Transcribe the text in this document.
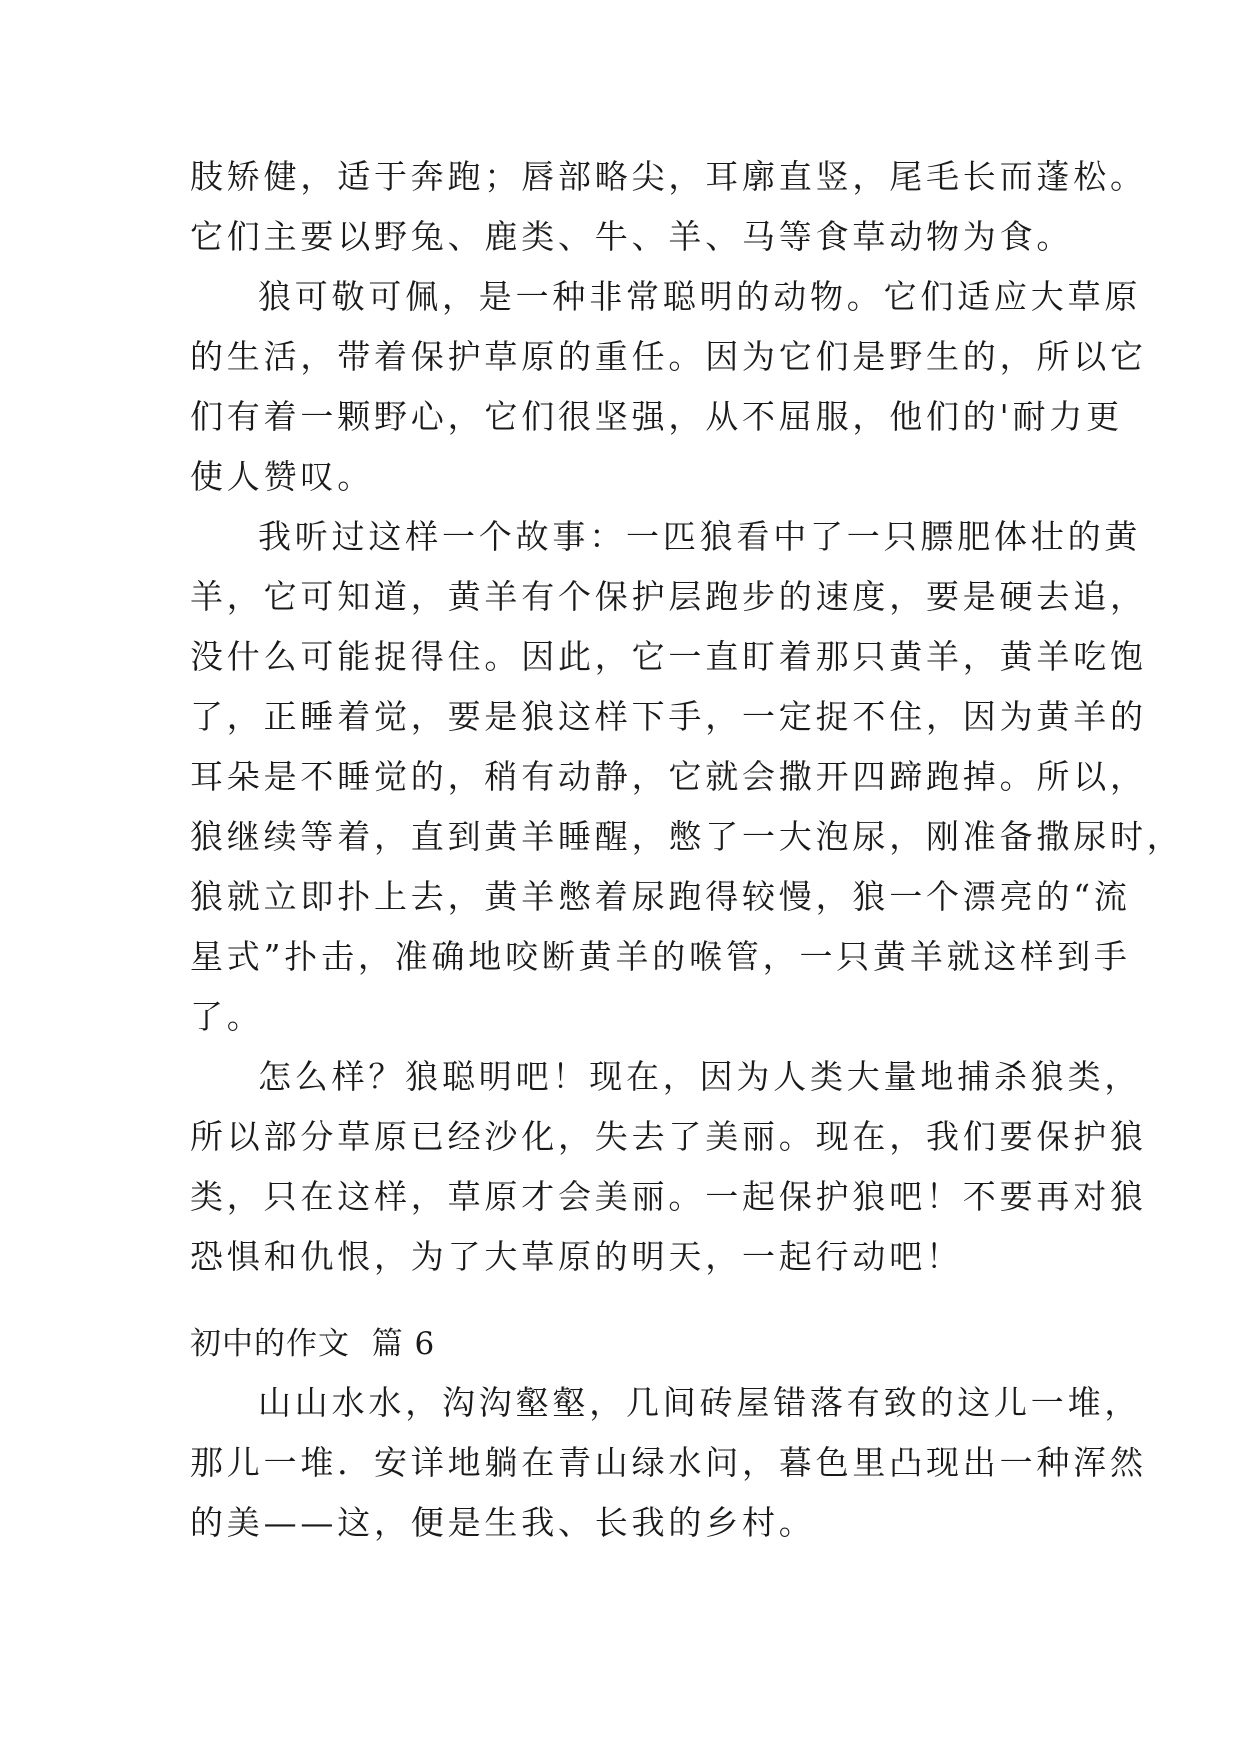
肢矫健，适于奔跑；唇部略尖，耳廓直竖，尾毛长而蓬松。
它们主要以野兔、鹿类、牛、羊、马等食草动物为食。
狼可敬可佩，是一种非常聪明的动物。它们适应大草原
的生活，带着保护草原的重任。因为它们是野生的，所以它
们有着一颗野心，它们很坚强，从不屈服，他们的'耐力更
使人赞叹。
我听过这样一个故事：一匹狼看中了一只膘肥体壮的黄
羊，它可知道，黄羊有个保护层跑步的速度，要是硬去追，
没什么可能捉得住。因此，它一直盯着那只黄羊，黄羊吃饱
了，正睡着觉，要是狼这样下手，一定捉不住，因为黄羊的
耳朵是不睡觉的，稍有动静，它就会撒开四蹄跑掉。所以，
狼继续等着，直到黄羊睡醒，憋了一大泡尿，刚准备撒尿时，
狼就立即扑上去，黄羊憋着尿跑得较慢，狼一个漂亮的“流
星式”扑击，准确地咬断黄羊的喉管，一只黄羊就这样到手
了。
怎么样？狼聪明吧！现在，因为人类大量地捕杀狼类，
所以部分草原已经沙化，失去了美丽。现在，我们要保护狼
类，只在这样，草原才会美丽。一起保护狼吧！不要再对狼
恐惧和仇恨，为了大草原的明天，一起行动吧！
初中的作文  篇 6
山山水水，沟沟壑壑，几间砖屋错落有致的这儿一堆，
那儿一堆．安详地躺在青山绿水问，暮色里凸现出一种浑然
的美——这，便是生我、长我的乡村。
